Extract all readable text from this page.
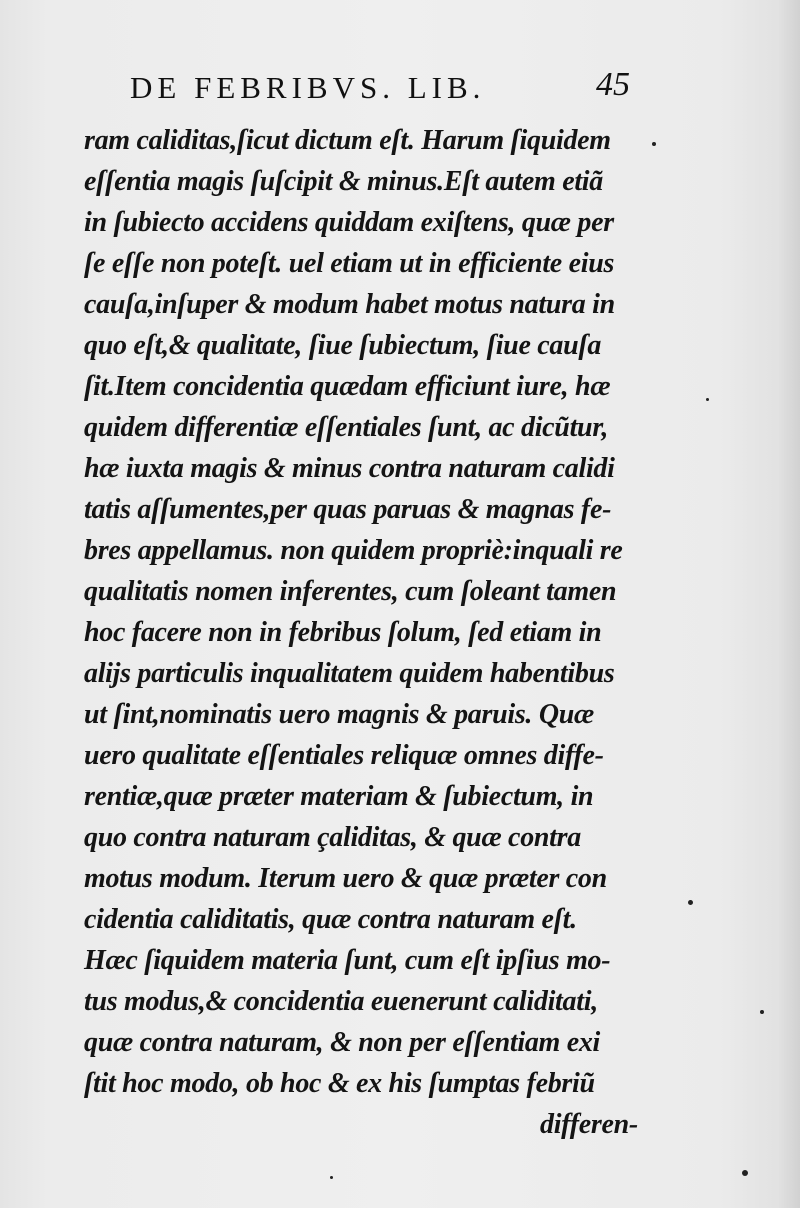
DE FEBRIBVS. LIB.	45
ram caliditas,ſicut dictum eſt. Harum ſiquidem
eſſentia magis ſuſcipit & minus.Eſt autem etiã
in ſubiecto accidens quiddam exiſtens, quæ per
ſe eſſe non poteſt. uel etiam ut in efficiente eius
cauſa,inſuper & modum habet motus natura in
quo eſt,& qualitate, ſiue ſubiectum, ſiue cauſa
ſit.Item concidentia quædam efficiunt iure, hæ
quidem differentiæ eſſentiales ſunt, ac dicũtur,
hæ iuxta magis & minus contra naturam calidi
tatis aſſumentes,per quas paruas & magnas fe-
bres appellamus. non quidem propriè:inquali re
qualitatis nomen inferentes, cum ſoleant tamen
hoc facere non in febribus ſolum, ſed etiam in
alijs particulis inqualitatem quidem habentibus
ut ſint,nominatis uero magnis & paruis. Quæ
uero qualitate eſſentiales reliquæ omnes diffe-
rentiæ,quæ præter materiam & ſubiectum, in
quo contra naturam çaliditas, & quæ contra
motus modum. Iterum uero & quæ præter con
cidentia caliditatis, quæ contra naturam eſt.
Hæc ſiquidem materia ſunt, cum eſt ipſius mo-
tus modus,& concidentia euenerunt caliditati,
quæ contra naturam, & non per eſſentiam exi
ſtit hoc modo, ob hoc & ex his ſumptas febriũ
differen-
